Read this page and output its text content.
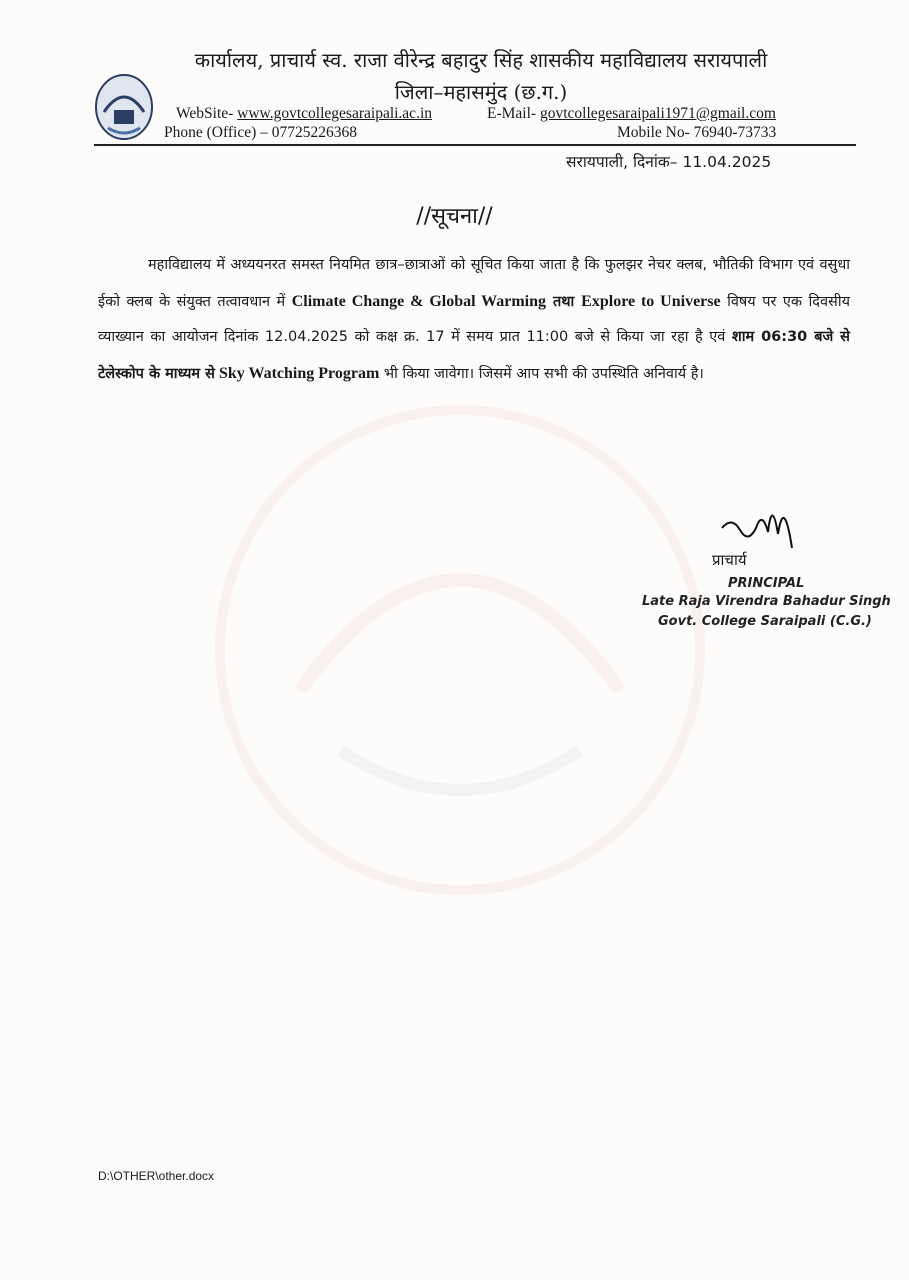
कार्यालय, प्राचार्य स्व. राजा वीरेन्द्र बहादुर सिंह शासकीय महाविद्यालय सरायपाली
जिला–महासमुंद (छ.ग.)
WebSite- www.govtcollegesaraipali.ac.in	E-Mail- govtcollegesaraipali1971@gmail.com
Phone (Office) – 07725226368	Mobile No- 76940-73733
सरायपाली, दिनांक– 11.04.2025
//सूचना//
महाविद्यालय में अध्ययनरत समस्त नियमित छात्र–छात्राओं को सूचित किया जाता है कि फुलझर नेचर क्लब, भौतिकी विभाग एवं वसुधा ईको क्लब के संयुक्त तत्वावधान में Climate Change & Global Warming तथा Explore to Universe विषय पर एक दिवसीय व्याख्यान का आयोजन दिनांक 12.04.2025 को कक्ष क्र. 17 में समय प्रात 11:00 बजे से किया जा रहा है एवं शाम 06:30 बजे से टेलेस्कोप के माध्यम से Sky Watching Program भी किया जावेगा। जिसमें आप सभी की उपस्थिति अनिवार्य है।
प्राचार्य
PRINCIPAL
Late Raja Virendra Bahadur Singh
Govt. College Saraipali (C.G.)
D:\OTHER\other.docx
